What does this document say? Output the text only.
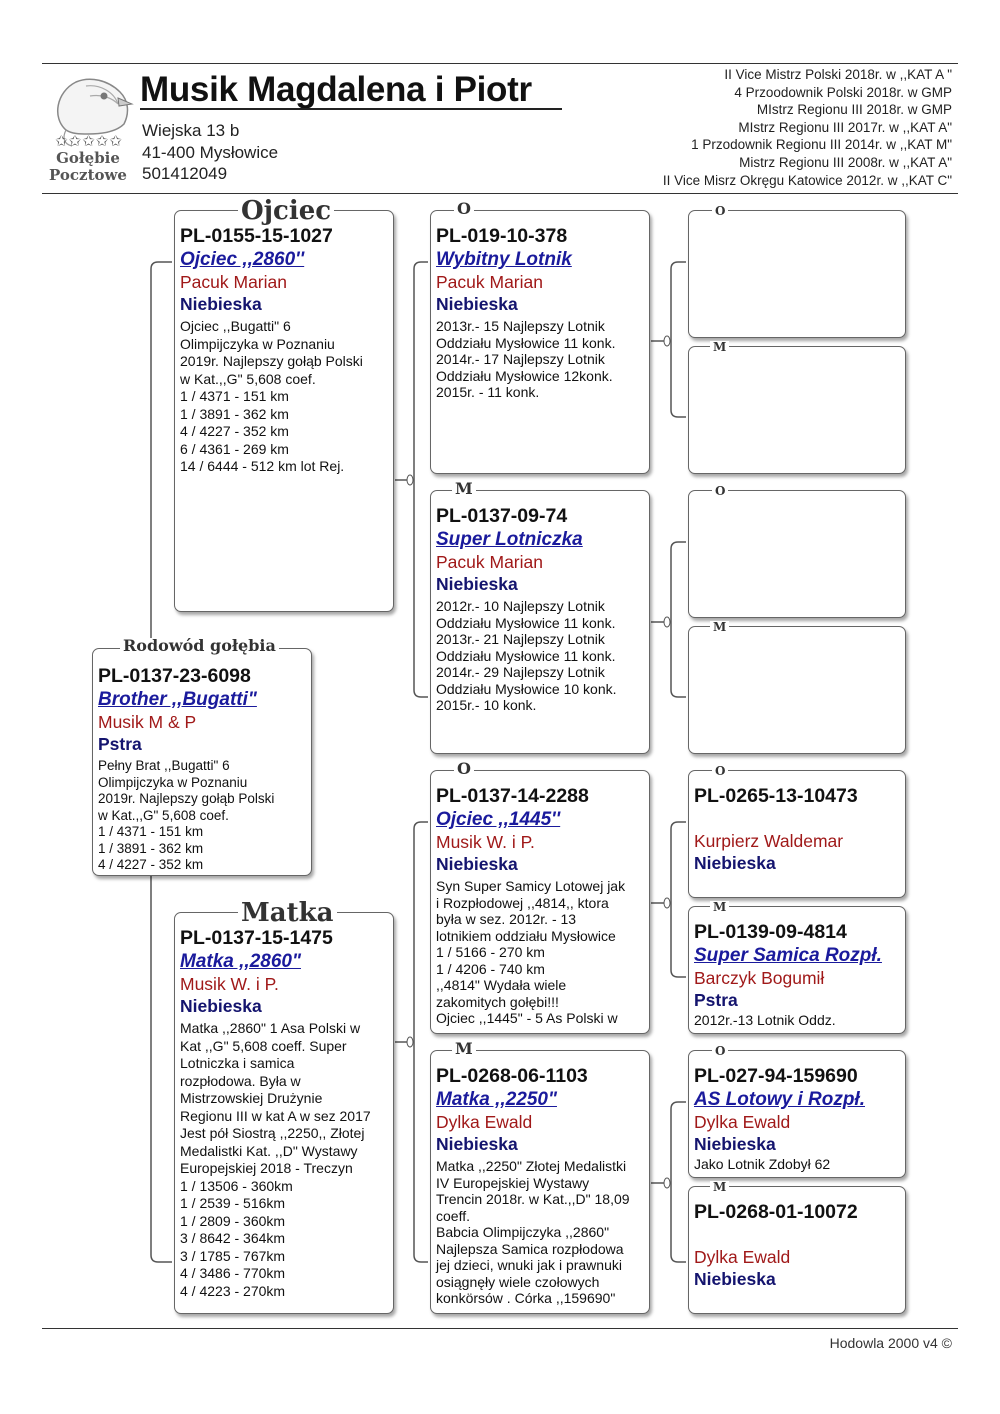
✩✩✩✩✩
Gołębie
Pocztowe
Musik Magdalena i Piotr
Wiejska 13 b
41-400 Mysłowice
501412049
II Vice Mistrz Polski 2018r. w ,,KAT A "
4 Przoodownik Polski 2018r. w GMP
MIstrz Regionu III 2018r. w GMP
MIstrz Regionu III 2017r. w ,,KAT A"
1 Przodownik Regionu III 2014r. w ,,KAT M"
Mistrz Regionu III 2008r. w ,,KAT A"
II Vice Misrz Okręgu Katowice 2012r. w ,,KAT C"
PL-0137-23-6098
Brother ,,Bugatti"
Musik M & P
Pstra
Pełny Brat ,,Bugatti" 6
Olimpijczyka w Poznaniu
2019r. Najlepszy gołąb Polski
w Kat.,,G" 5,608 coef.
1 / 4371 - 151 km
1 / 3891 - 362 km
4 / 4227 - 352 km
Rodowód gołębia
PL-0155-15-1027
Ojciec ,,2860''
Pacuk Marian
Niebieska
Ojciec ,,Bugatti" 6
Olimpijczyka w Poznaniu
2019r. Najlepszy gołąb Polski
w Kat.,,G" 5,608 coef.
1 / 4371 - 151 km
1 / 3891 - 362 km
4 / 4227 - 352 km
6 / 4361 - 269 km
14 / 6444 - 512 km lot Rej.
Ojciec
PL-0137-15-1475
Matka ,,2860"
Musik W. i P.
Niebieska
Matka ,,2860" 1 Asa Polski w
Kat ,,G" 5,608 coeff. Super
Lotniczka i samica
rozpłodowa. Była w
Mistrzowskiej Drużynie
Regionu III w kat A w sez 2017
Jest pół Siostrą ,,2250,, Złotej
Medalistki Kat. ,,D" Wystawy
Europejskiej 2018 - Treczyn
1 / 13506 - 360km
1 / 2539 - 516km
1 / 2809 - 360km
3 / 8642 - 364km
3 / 1785 - 767km
4 / 3486 - 770km
4 / 4223 - 270km
Matka
PL-019-10-378
Wybitny Lotnik
Pacuk Marian
Niebieska
2013r.- 15 Najlepszy Lotnik
Oddziału Mysłowice 11 konk.
2014r.- 17 Najlepszy Lotnik
Oddziału Mysłowice 12konk.
2015r. - 11 konk.
O
PL-0137-09-74
Super Lotniczka
Pacuk Marian
Niebieska
2012r.- 10 Najlepszy Lotnik
Oddziału Mysłowice 11 konk.
2013r.- 21 Najlepszy Lotnik
Oddziału Mysłowice 11 konk.
2014r.- 29 Najlepszy Lotnik
Oddziału Mysłowice 10 konk.
2015r.- 10 konk.
M
PL-0137-14-2288
Ojciec ,,1445''
Musik W. i P.
Niebieska
Syn Super Samicy Lotowej jak
i Rozpłodowej ,,4814,, ktora
była w sez. 2012r. - 13
lotnikiem oddziału Mysłowice
1 / 5166 - 270 km
1 / 4206 - 740 km
,,4814" Wydała wiele
zakomitych gołębi!!!
Ojciec ,,1445" - 5 As Polski w
O
PL-0268-06-1103
Matka ,,2250"
Dylka Ewald
Niebieska
Matka ,,2250" Złotej Medalistki
IV Europejskiej Wystawy
Trencin 2018r. w Kat.,,D" 18,09
coeff.
Babcia Olimpijczyka ,,2860"
Najlepsza Samica rozpłodowa
jej dzieci, wnuki jak i prawnuki
osiągnęły wiele czołowych
konkörsów . Córka ,,159690"
M
O
M
O
M
PL-0265-13-10473
Kurpierz Waldemar
Niebieska
O
PL-0139-09-4814
Super Samica Rozpł.
Barczyk Bogumił
Pstra
2012r.-13 Lotnik Oddz.
M
PL-027-94-159690
AS Lotowy i Rozpł.
Dylka Ewald
Niebieska
Jako Lotnik Zdobył 62
O
PL-0268-01-10072
Dylka Ewald
Niebieska
M
Hodowla 2000 v4 ©
